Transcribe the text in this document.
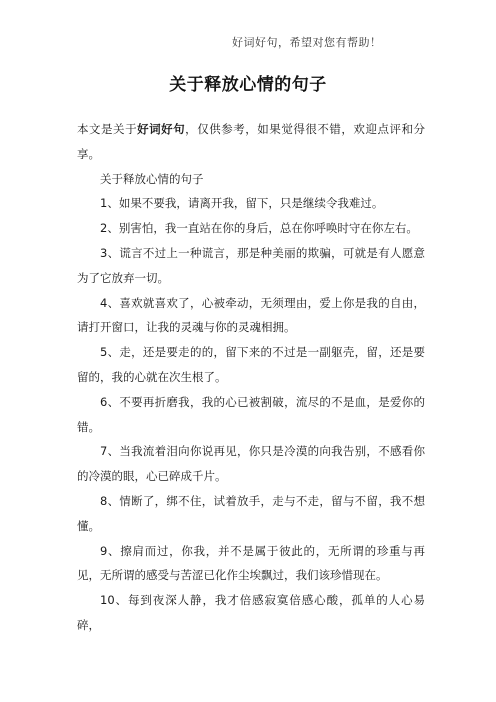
好词好句，希望对您有帮助！
关于释放心情的句子

本文是关于好词好句，仅供参考，如果觉得很不错，欢迎点评和分享。

关于释放心情的句子

1、如果不要我，请离开我，留下，只是继续令我难过。

2、别害怕，我一直站在你的身后，总在你呼唤时守在你左右。

3、谎言不过上一种谎言，那是种美丽的欺骗，可就是有人愿意为了它放弃一切。

4、喜欢就喜欢了，心被牵动，无须理由，爱上你是我的自由，请打开窗口，让我的灵魂与你的灵魂相拥。

5、走，还是要走的的，留下来的不过是一副躯壳，留，还是要留的，我的心就在次生根了。

6、不要再折磨我，我的心已被割破，流尽的不是血，是爱你的错。

7、当我流着泪向你说再见，你只是冷漠的向我告别，不感看你的冷漠的眼，心已碎成千片。

8、情断了，绑不住，试着放手，走与不走，留与不留，我不想懂。

9、擦肩而过，你我，并不是属于彼此的，无所谓的珍重与再见，无所谓的感受与苦涩已化作尘埃飘过，我们该珍惜现在。

10、每到夜深人静，我才倍感寂寞倍感心酸，孤单的人心易碎，
